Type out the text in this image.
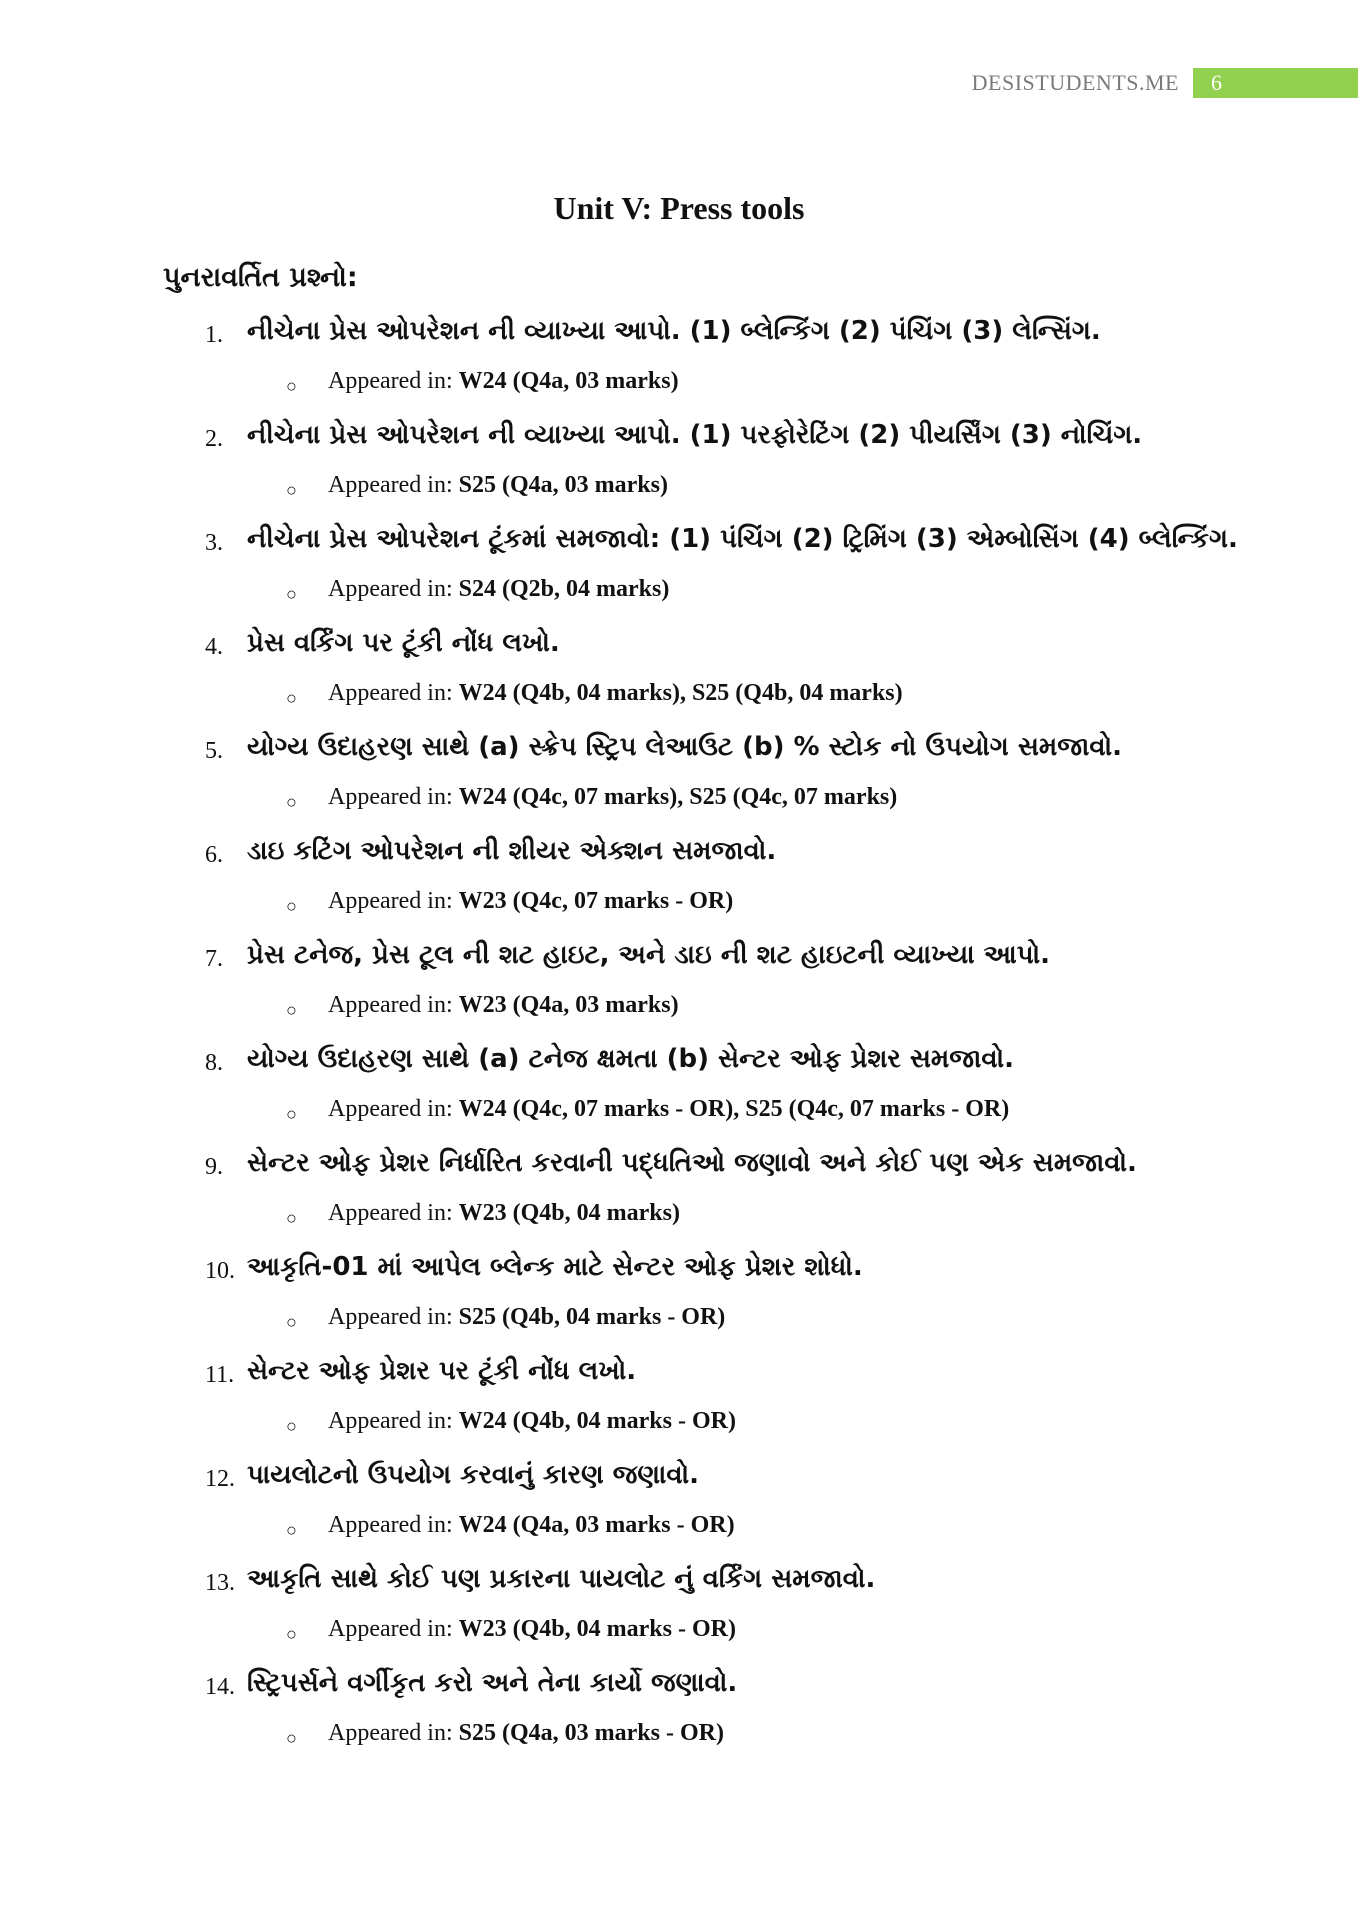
DESISTUDENTS.ME 6
Unit V: Press tools
પુનરાવર્તિત પ્રશ્નો:
1. નીચેના પ્રેસ ઓપરેશન ની વ્યાખ્યા આપો. (1) બ્લેન્કિંગ (2) પંચિંગ (3) લેન્સિંગ.
○ Appeared in: W24 (Q4a, 03 marks)
2. નીચેના પ્રેસ ઓપરેશન ની વ્યાખ્યા આપો. (1) પરફોરેટિંગ (2) પીયર્સિંગ (3) નોચિંગ.
○ Appeared in: S25 (Q4a, 03 marks)
3. નીચેના પ્રેસ ઓપરેશન ટૂંકમાં સમજાવો: (1) પંચિંગ (2) ટ્રિમિંગ (3) એમ્બોસિંગ (4) બ્લેન્કિંગ.
○ Appeared in: S24 (Q2b, 04 marks)
4. પ્રેસ વર્કિંગ પર ટૂંકી નોંધ લખો.
○ Appeared in: W24 (Q4b, 04 marks), S25 (Q4b, 04 marks)
5. યોગ્ય ઉદાહરણ સાથે (a) સ્ક્રેપ સ્ટ્રિપ લેઆઉટ (b) % સ્ટોક નો ઉપયોગ સમજાવો.
○ Appeared in: W24 (Q4c, 07 marks), S25 (Q4c, 07 marks)
6. ડાઇ કટિંગ ઓપરેશન ની શીયર એક્શન સમજાવો.
○ Appeared in: W23 (Q4c, 07 marks - OR)
7. પ્રેસ ટનેજ, પ્રેસ ટૂલ ની શટ હાઇટ, અને ડાઇ ની શટ હાઇટની વ્યાખ્યા આપો.
○ Appeared in: W23 (Q4a, 03 marks)
8. યોગ્ય ઉદાહરણ સાથે (a) ટનેજ ક્ષમતા (b) સેન્ટર ઓફ પ્રેશર સમજાવો.
○ Appeared in: W24 (Q4c, 07 marks - OR), S25 (Q4c, 07 marks - OR)
9. સેન્ટર ઓફ પ્રેશર નિર્ધારિત કરવાની પદ્ધતિઓ જણાવો અને કોઈ પણ એક સમજાવો.
○ Appeared in: W23 (Q4b, 04 marks)
10. આકૃતિ-01 માં આપેલ બ્લેન્ક માટે સેન્ટર ઓફ પ્રેશર શોધો.
○ Appeared in: S25 (Q4b, 04 marks - OR)
11. સેન્ટર ઓફ પ્રેશર પર ટૂંકી નોંધ લખો.
○ Appeared in: W24 (Q4b, 04 marks - OR)
12. પાયલોટનો ઉપયોગ કરવાનું કારણ જણાવો.
○ Appeared in: W24 (Q4a, 03 marks - OR)
13. આકૃતિ સાથે કોઈ પણ પ્રકારના પાયલોટ નું વર્કિંગ સમજાવો.
○ Appeared in: W23 (Q4b, 04 marks - OR)
14. સ્ટ્રિપર્સને વર્ગીકૃત કરો અને તેના કાર્યો જણાવો.
○ Appeared in: S25 (Q4a, 03 marks - OR)
